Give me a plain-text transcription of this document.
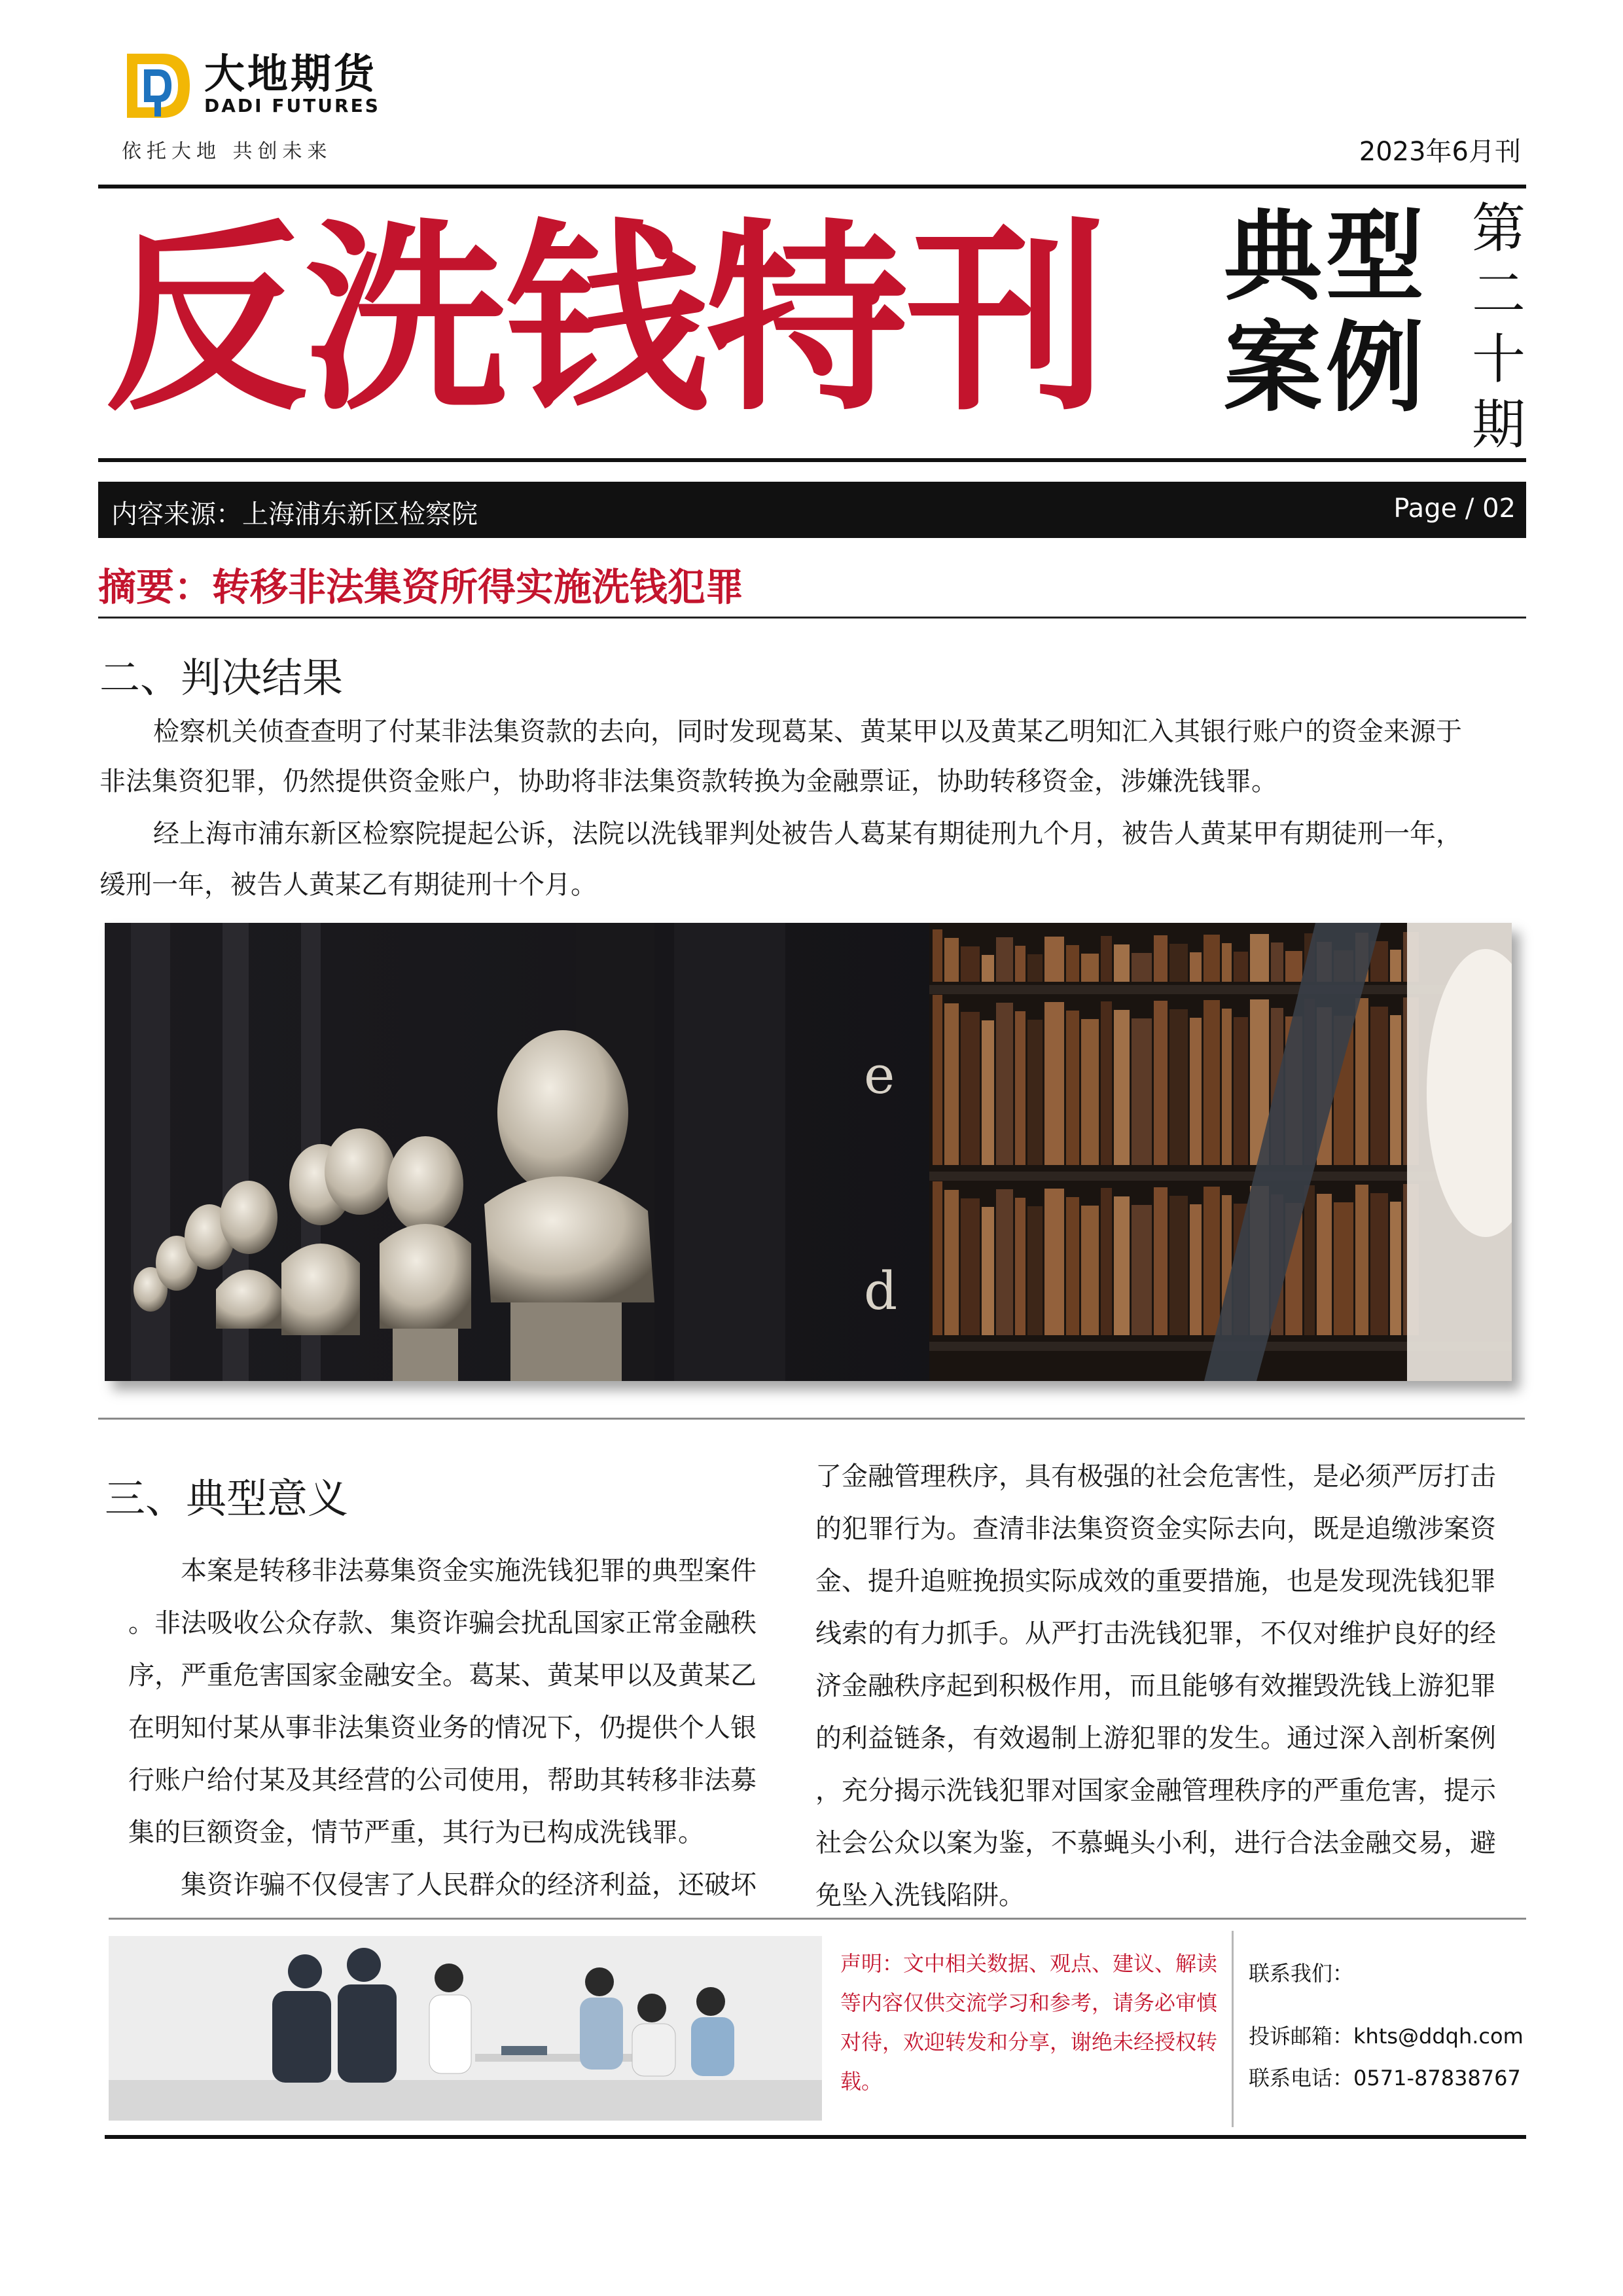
大地期货
DADI FUTURES
依托大地 共创未来	2023年6月刊
反洗钱特刊 典型
案例
第
二
十
期
内容来源：上海浦东新区检察院	Page / 02
摘要：转移非法集资所得实施洗钱犯罪
二、判决结果
检察机关侦查查明了付某非法集资款的去向，同时发现葛某、黄某甲以及黄某乙明知汇入其银行账户的资金来源于
非法集资犯罪，仍然提供资金账户，协助将非法集资款转换为金融票证，协助转移资金，涉嫌洗钱罪。
经上海市浦东新区检察院提起公诉，法院以洗钱罪判处被告人葛某有期徒刑九个月，被告人黄某甲有期徒刑一年，
缓刑一年，被告人黄某乙有期徒刑十个月。
e
d
三、典型意义
本案是转移非法募集资金实施洗钱犯罪的典型案件
。非法吸收公众存款、集资诈骗会扰乱国家正常金融秩
序，严重危害国家金融安全。葛某、黄某甲以及黄某乙
在明知付某从事非法集资业务的情况下，仍提供个人银
行账户给付某及其经营的公司使用，帮助其转移非法募
集的巨额资金，情节严重，其行为已构成洗钱罪。
集资诈骗不仅侵害了人民群众的经济利益，还破坏
了金融管理秩序，具有极强的社会危害性，是必须严厉打击
的犯罪行为。查清非法集资资金实际去向，既是追缴涉案资
金、提升追赃挽损实际成效的重要措施，也是发现洗钱犯罪
线索的有力抓手。从严打击洗钱犯罪，不仅对维护良好的经
济金融秩序起到积极作用，而且能够有效摧毁洗钱上游犯罪
的利益链条，有效遏制上游犯罪的发生。通过深入剖析案例
，充分揭示洗钱犯罪对国家金融管理秩序的严重危害，提示
社会公众以案为鉴，不慕蝇头小利，进行合法金融交易，避
免坠入洗钱陷阱。
声明：文中相关数据、观点、建议、解读等内容仅供交流学习和参考，请务必审慎对待，欢迎转发和分享，谢绝未经授权转载。
联系我们：
投诉邮箱：khts@ddqh.com
联系电话：0571-87838767
